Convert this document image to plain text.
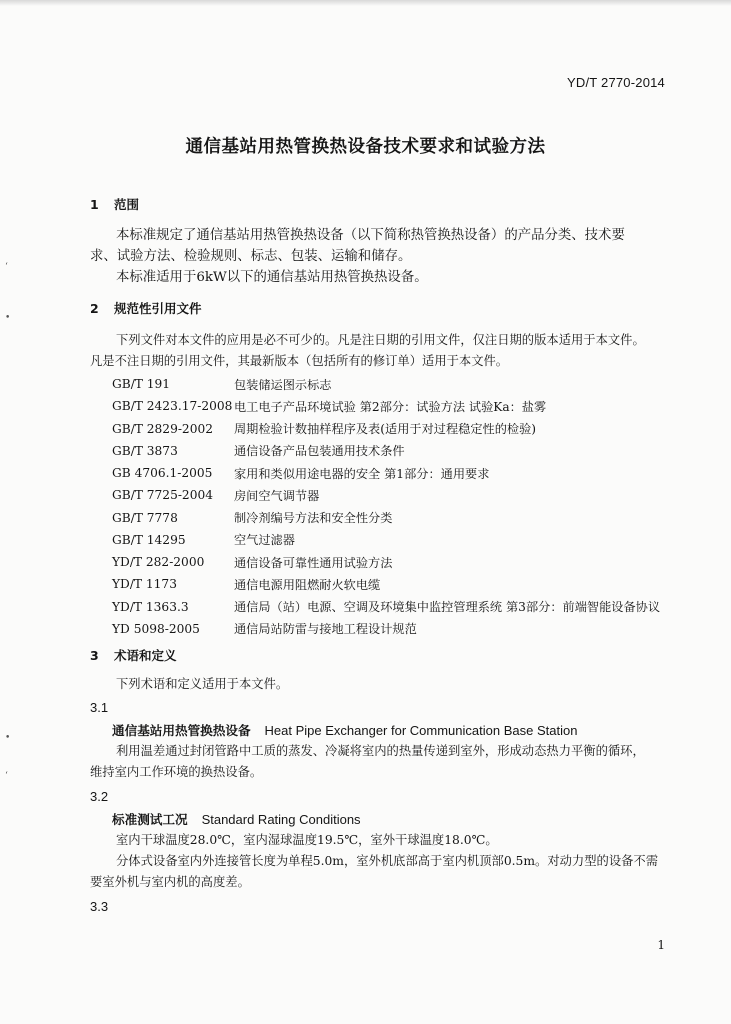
YD/T 2770-2014
通信基站用热管换热设备技术要求和试验方法
1 范围
本标准规定了通信基站用热管换热设备（以下简称热管换热设备）的产品分类、技术要
求、试验方法、检验规则、标志、包装、运输和储存。
本标准适用于6kW以下的通信基站用热管换热设备。
2 规范性引用文件
下列文件对本文件的应用是必不可少的。凡是注日期的引用文件，仅注日期的版本适用于本文件。
凡是不注日期的引用文件，其最新版本（包括所有的修订单）适用于本文件。
GB/T 191	包装储运图示标志
GB/T 2423.17-2008 电工电子产品环境试验 第2部分：试验方法 试验Ka：盐雾
GB/T 2829-2002	周期检验计数抽样程序及表(适用于对过程稳定性的检验)
GB/T 3873	通信设备产品包装通用技术条件
GB 4706.1-2005	家用和类似用途电器的安全 第1部分：通用要求
GB/T 7725-2004	房间空气调节器
GB/T 7778	制冷剂编号方法和安全性分类
GB/T 14295	空气过滤器
YD/T 282-2000	通信设备可靠性通用试验方法
YD/T 1173	通信电源用阻燃耐火软电缆
YD/T 1363.3	通信局（站）电源、空调及环境集中监控管理系统 第3部分：前端智能设备协议
YD 5098-2005	通信局站防雷与接地工程设计规范
3 术语和定义
下列术语和定义适用于本文件。
3.1
通信基站用热管换热设备 Heat Pipe Exchanger for Communication Base Station
利用温差通过封闭管路中工质的蒸发、冷凝将室内的热量传递到室外，形成动态热力平衡的循环，
维持室内工作环境的换热设备。
3.2
标准测试工况 Standard Rating Conditions
室内干球温度28.0℃，室内湿球温度19.5℃，室外干球温度18.0℃。
分体式设备室内外连接管长度为单程5.0m，室外机底部高于室内机顶部0.5m。对动力型的设备不需
要室外机与室内机的高度差。
3.3
1
‘
•
•
‘
